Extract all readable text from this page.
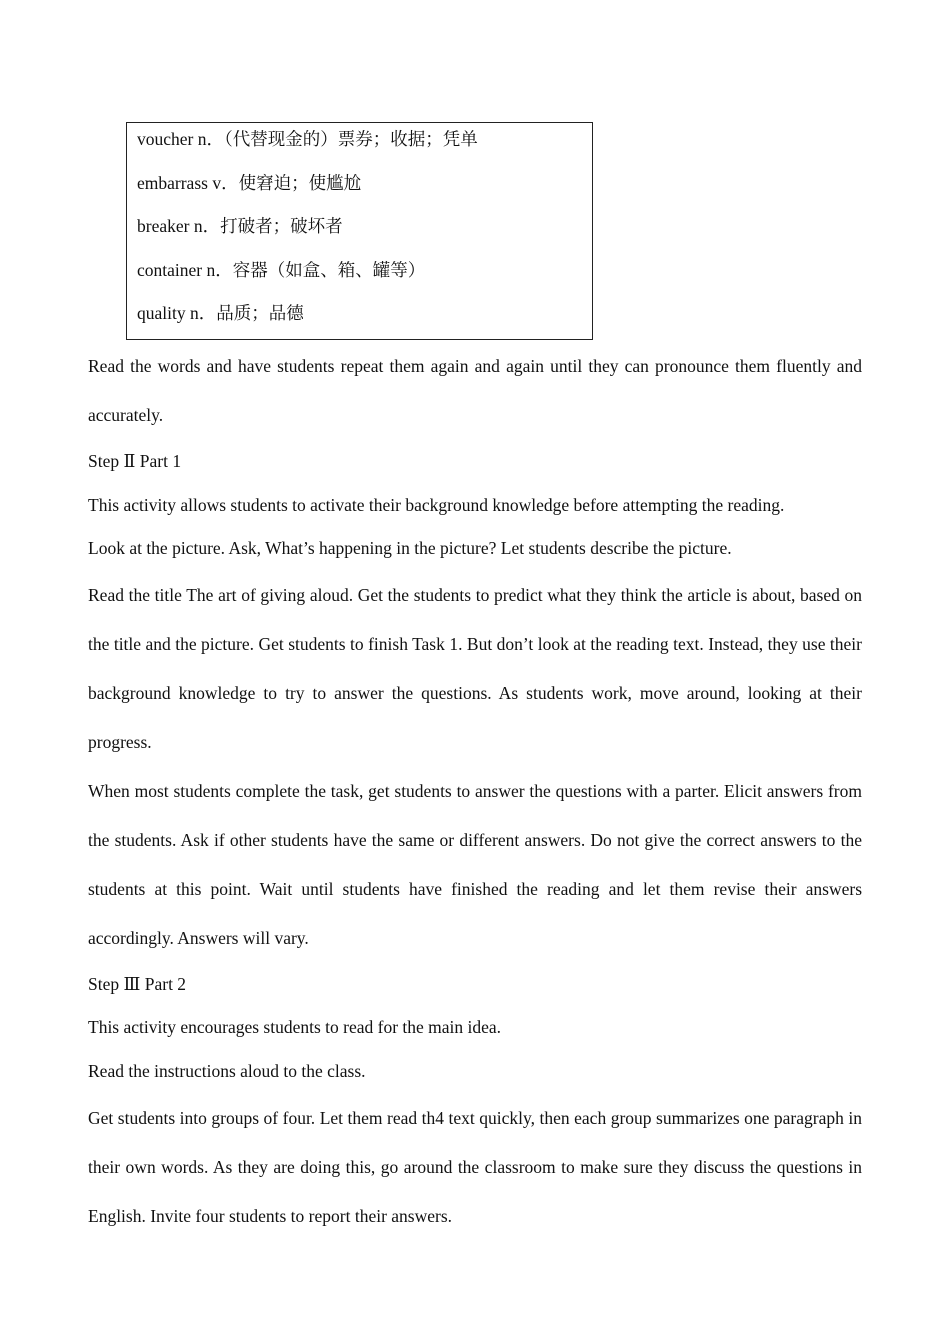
voucher n．（代替现金的）票券；收据；凭单
embarrass v．使窘迫；使尴尬
breaker n．打破者；破坏者
container n．容器（如盒、箱、罐等）
quality n．品质；品德

Read the words and have students repeat them again and again until they can pronounce them fluently and accurately.

Step Ⅱ Part 1

This activity allows students to activate their background knowledge before attempting the reading.

Look at the picture. Ask, What’s happening in the picture? Let students describe the picture.

Read the title The art of giving aloud. Get the students to predict what they think the article is about, based on the title and the picture. Get students to finish Task 1. But don’t look at the reading text. Instead, they use their background knowledge to try to answer the questions. As students work, move around, looking at their progress.

When most students complete the task, get students to answer the questions with a parter. Elicit answers from the students. Ask if other students have the same or different answers. Do not give the correct answers to the students at this point. Wait until students have finished the reading and let them revise their answers accordingly. Answers will vary.

Step Ⅲ Part 2

This activity encourages students to read for the main idea.

Read the instructions aloud to the class.

Get students into groups of four. Let them read th4 text quickly, then each group summarizes one paragraph in their own words. As they are doing this, go around the classroom to make sure they discuss the questions in English. Invite four students to report their answers.
